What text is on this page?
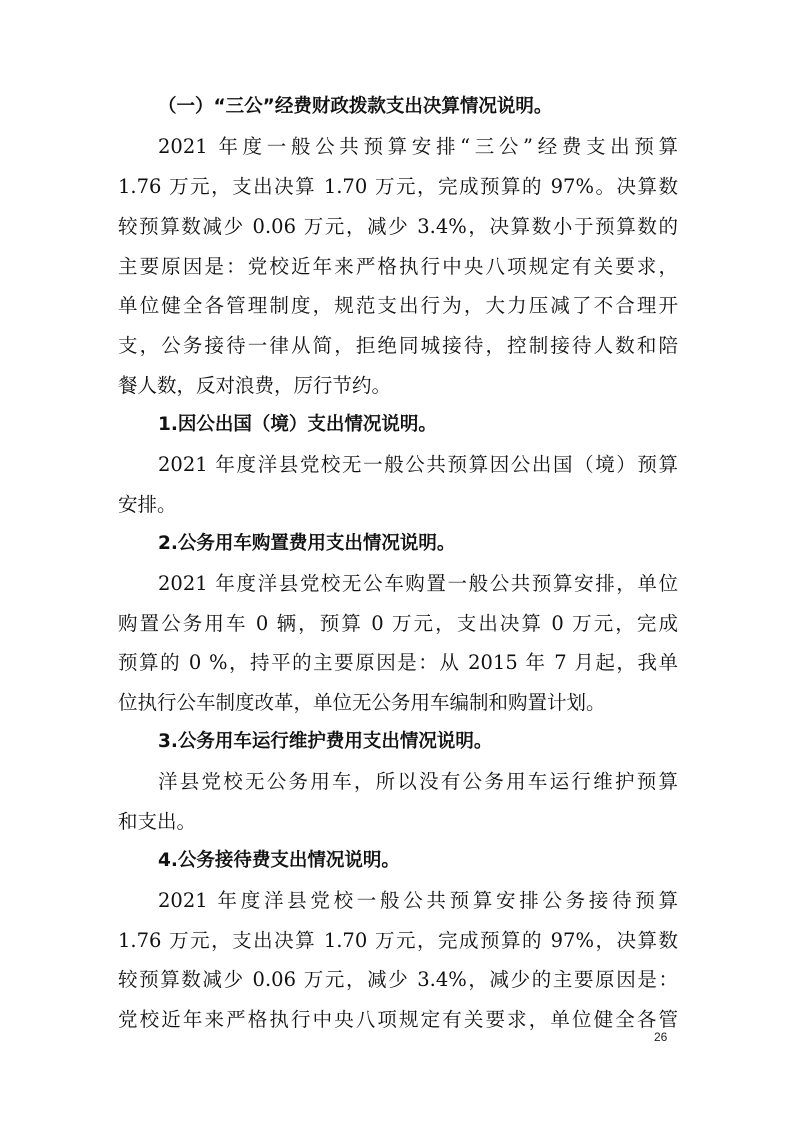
（一）“三公”经费财政拨款支出决算情况说明。
2021 年度一般公共预算安排“三公”经费支出预算
1.76 万元，支出决算 1.70 万元，完成预算的 97%。决算数
较预算数减少 0.06 万元，减少 3.4%，决算数小于预算数的
主要原因是：党校近年来严格执行中央八项规定有关要求，
单位健全各管理制度，规范支出行为，大力压减了不合理开
支，公务接待一律从简，拒绝同城接待，控制接待人数和陪
餐人数，反对浪费，厉行节约。
1.因公出国（境）支出情况说明。
2021 年度洋县党校无一般公共预算因公出国（境）预算
安排。
2.公务用车购置费用支出情况说明。
2021 年度洋县党校无公车购置一般公共预算安排，单位
购置公务用车 0 辆，预算 0 万元，支出决算 0 万元，完成
预算的 0 %，持平的主要原因是：从 2015 年 7 月起，我单
位执行公车制度改革，单位无公务用车编制和购置计划。
3.公务用车运行维护费用支出情况说明。
洋县党校无公务用车，所以没有公务用车运行维护预算
和支出。
4.公务接待费支出情况说明。
2021 年度洋县党校一般公共预算安排公务接待预算
1.76 万元，支出决算 1.70 万元，完成预算的 97%，决算数
较预算数减少 0.06 万元，减少 3.4%，减少的主要原因是：
党校近年来严格执行中央八项规定有关要求，单位健全各管
26
